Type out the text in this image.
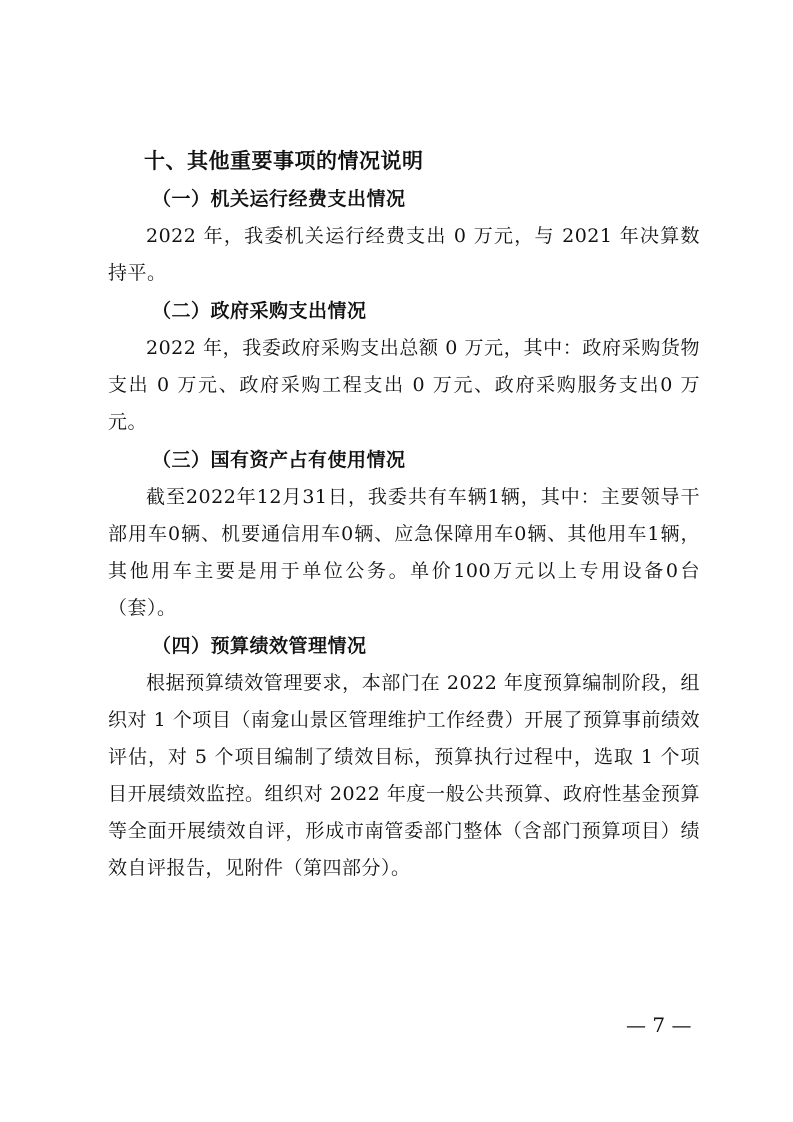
十、其他重要事项的情况说明
（一）机关运行经费支出情况

2022 年，我委机关运行经费支出 0 万元，与 2021 年决算数持平。

（二）政府采购支出情况

2022 年，我委政府采购支出总额 0 万元，其中：政府采购货物支出 0 万元、政府采购工程支出 0 万元、政府采购服务支出0 万元。

（三）国有资产占有使用情况

截至2022年12月31日，我委共有车辆1辆，其中：主要领导干部用车0辆、机要通信用车0辆、应急保障用车0辆、其他用车1辆，其他用车主要是用于单位公务。单价100万元以上专用设备0台（套）。

（四）预算绩效管理情况

根据预算绩效管理要求，本部门在 2022 年度预算编制阶段，组织对 1 个项目（南龛山景区管理维护工作经费）开展了预算事前绩效评估，对 5 个项目编制了绩效目标，预算执行过程中，选取 1 个项目开展绩效监控。组织对 2022 年度一般公共预算、政府性基金预算等全面开展绩效自评，形成市南管委部门整体（含部门预算项目）绩效自评报告，见附件（第四部分）。

— 7 —
